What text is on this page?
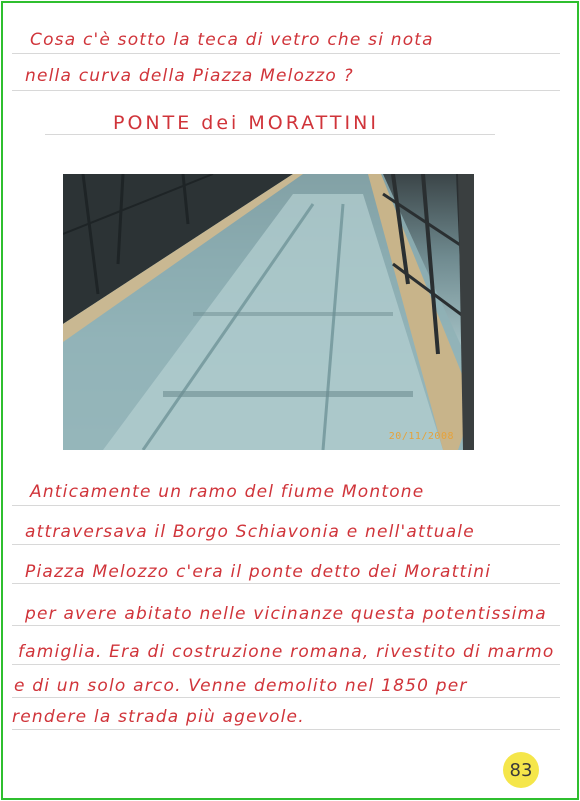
Cosa c'è sotto la teca di vetro che si nota
nella curva della Piazza Melozzo ?
PONTE dei MORATTINI
20/11/2008
Anticamente un ramo del fiume Montone
attraversava il Borgo Schiavonia e nell'attuale
Piazza Melozzo c'era il ponte detto dei Morattini
per avere abitato nelle vicinanze questa potentissima
famiglia. Era di costruzione romana, rivestito di marmo
e di un solo arco. Venne demolito nel 1850 per
rendere la strada più agevole.
83
